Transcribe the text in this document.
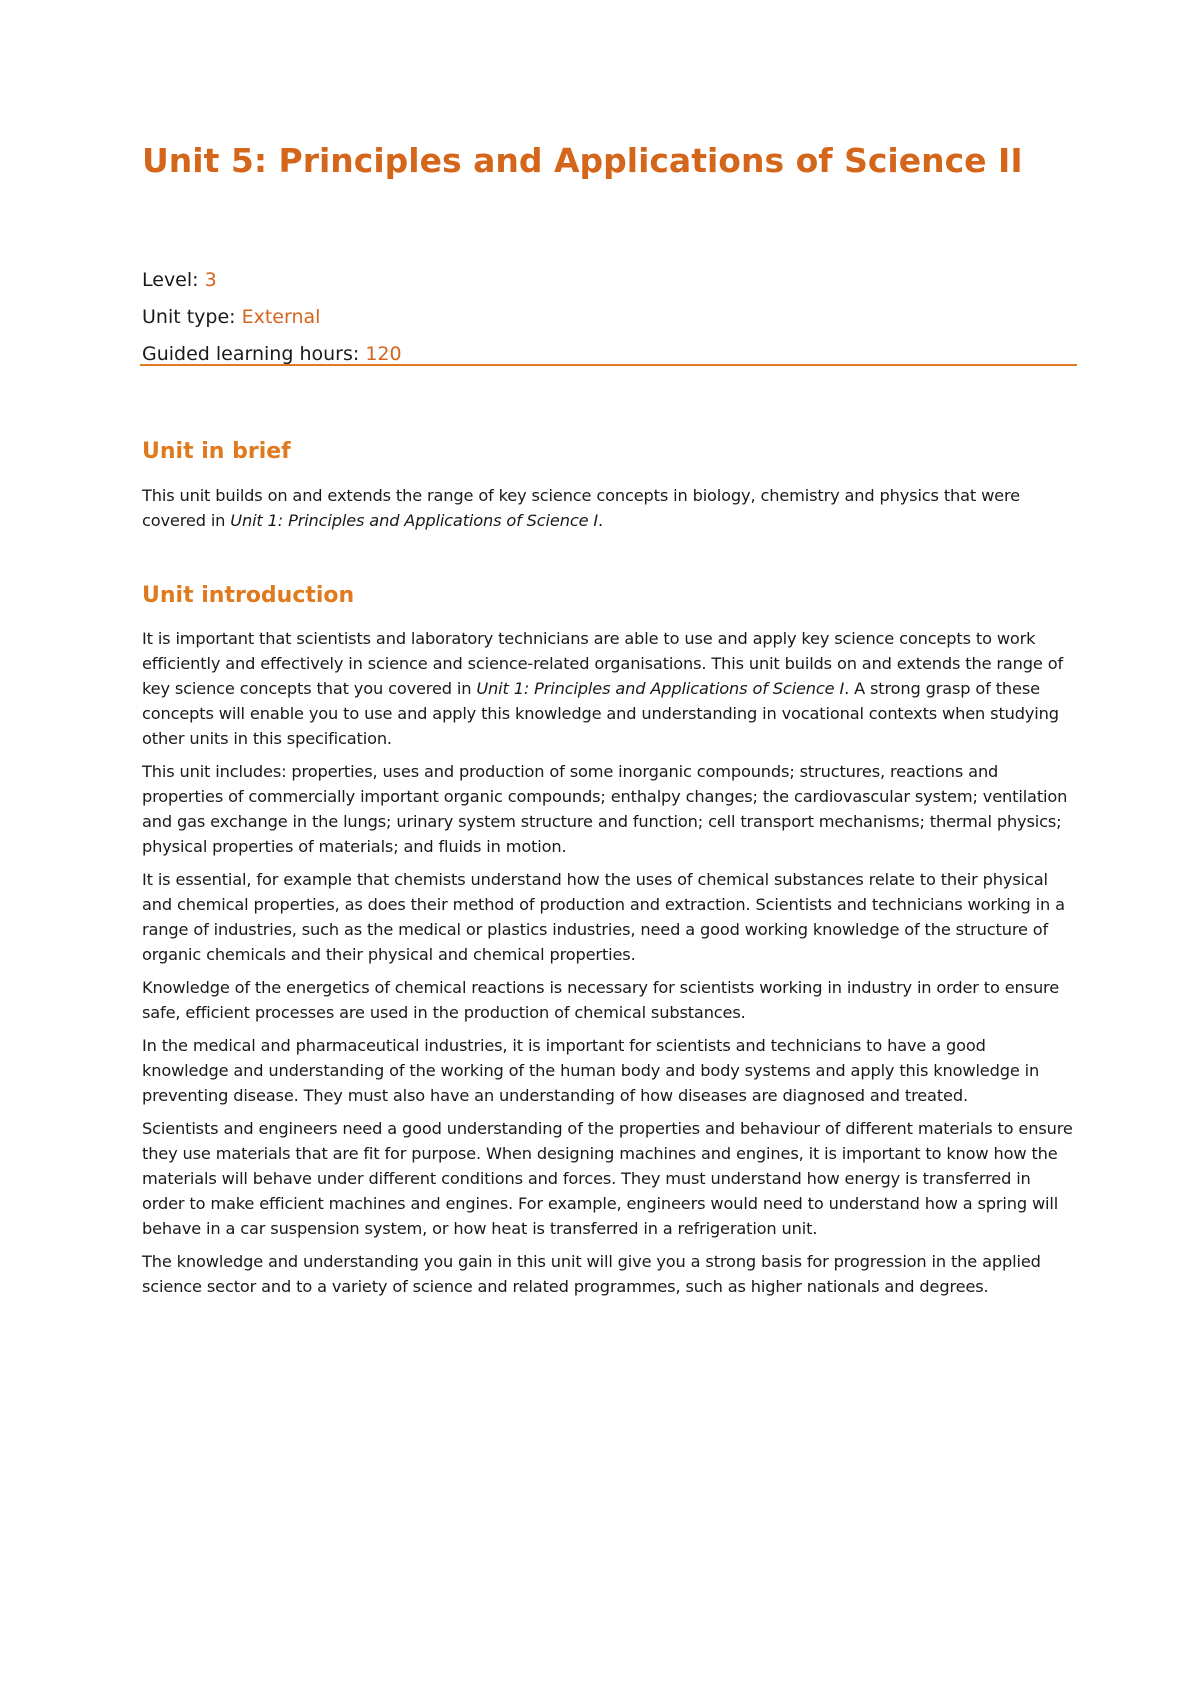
Unit 5: Principles and Applications of Science II
Level: 3
Unit type: External
Guided learning hours: 120
Unit in brief

This unit builds on and extends the range of key science concepts in biology, chemistry and physics that were covered in Unit 1: Principles and Applications of Science I.

Unit introduction

It is important that scientists and laboratory technicians are able to use and apply key science concepts to work efficiently and effectively in science and science-related organisations. This unit builds on and extends the range of key science concepts that you covered in Unit 1: Principles and Applications of Science I. A strong grasp of these concepts will enable you to use and apply this knowledge and understanding in vocational contexts when studying other units in this specification.

This unit includes: properties, uses and production of some inorganic compounds; structures, reactions and properties of commercially important organic compounds; enthalpy changes; the cardiovascular system; ventilation and gas exchange in the lungs; urinary system structure and function; cell transport mechanisms; thermal physics; physical properties of materials; and fluids in motion.

It is essential, for example that chemists understand how the uses of chemical substances relate to their physical and chemical properties, as does their method of production and extraction. Scientists and technicians working in a range of industries, such as the medical or plastics industries, need a good working knowledge of the structure of organic chemicals and their physical and chemical properties.

Knowledge of the energetics of chemical reactions is necessary for scientists working in industry in order to ensure safe, efficient processes are used in the production of chemical substances.

In the medical and pharmaceutical industries, it is important for scientists and technicians to have a good knowledge and understanding of the working of the human body and body systems and apply this knowledge in preventing disease. They must also have an understanding of how diseases are diagnosed and treated.

Scientists and engineers need a good understanding of the properties and behaviour of different materials to ensure they use materials that are fit for purpose. When designing machines and engines, it is important to know how the materials will behave under different conditions and forces. They must understand how energy is transferred in order to make efficient machines and engines. For example, engineers would need to understand how a spring will behave in a car suspension system, or how heat is transferred in a refrigeration unit.

The knowledge and understanding you gain in this unit will give you a strong basis for progression in the applied science sector and to a variety of science and related programmes, such as higher nationals and degrees.
